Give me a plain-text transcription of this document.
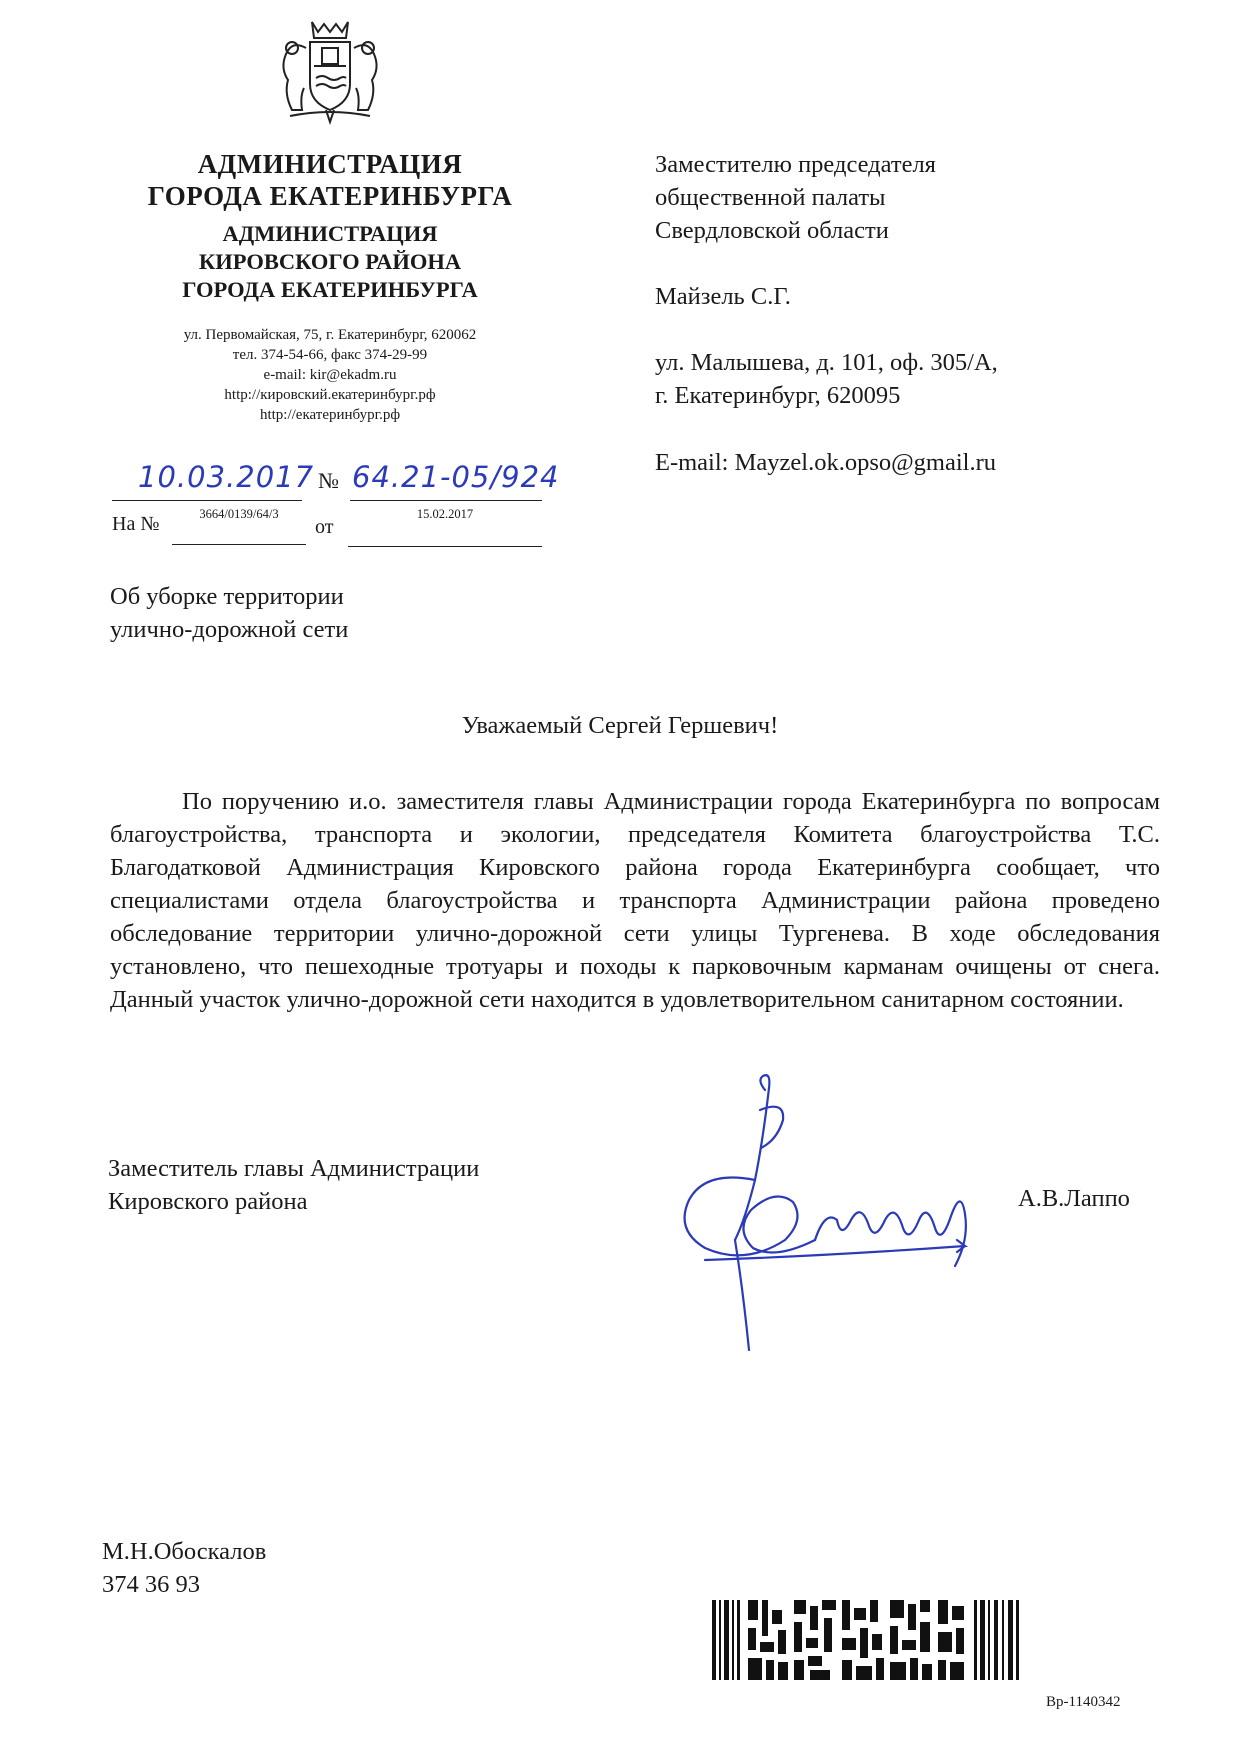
АДМИНИСТРАЦИЯ
ГОРОДА ЕКАТЕРИНБУРГА
АДМИНИСТРАЦИЯ
КИРОВСКОГО РАЙОНА
ГОРОДА ЕКАТЕРИНБУРГА
ул. Первомайская, 75, г. Екатеринбург, 620062
тел. 374-54-66, факс 374-29-99
e-mail: kir@ekadm.ru
http://кировский.екатеринбург.рф
http://екатеринбург.рф
10.03.2017 № 64.21-05/924
На №	3664/0139/64/3
от
15.02.2017
Заместителю председателя
общественной палаты
Свердловской области
Майзель С.Г.
ул. Малышева, д. 101, оф. 305/А,
г. Екатеринбург, 620095
E-mail: Mayzel.ok.opso@gmail.ru
Об уборке территории
улично-дорожной сети
Уважаемый Сергей Гершевич!
По поручению и.о. заместителя главы Администрации города Екатеринбурга по вопросам благоустройства, транспорта и экологии, председателя Комитета благоустройства Т.С. Благодатковой Администрация Кировского района города Екатеринбурга сообщает, что специалистами отдела благоустройства и транспорта Администрации района проведено обследование территории улично-дорожной сети улицы Тургенева. В ходе обследования установлено, что пешеходные тротуары и походы к парковочным карманам очищены от снега. Данный участок улично-дорожной сети находится в удовлетворительном санитарном состоянии.
Заместитель главы Администрации
Кировского района	А.В.Лаппо
М.Н.Обоскалов
374 36 93
Вр-1140342
